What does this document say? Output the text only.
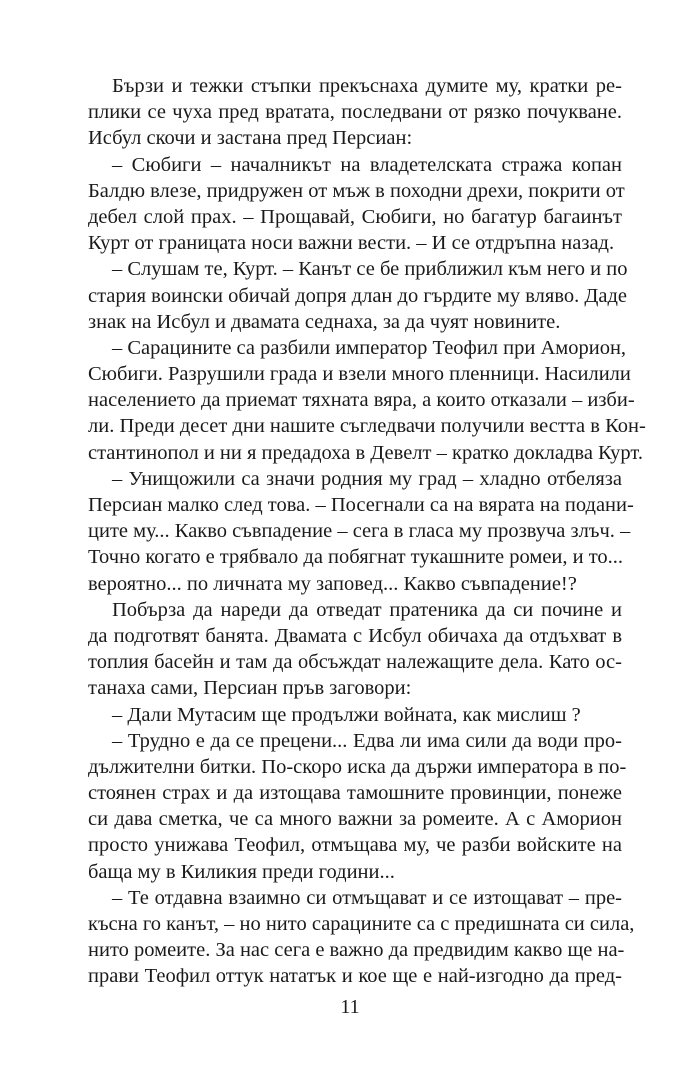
Бързи и тежки стъпки прекъснаха думите му, кратки ре-
плики се чуха пред вратата, последвани от рязко почукване.
Исбул скочи и застана пред Персиан:
– Сюбиги – началникът на владетелската стража копан
Балдю влезе, придружен от мъж в походни дрехи, покрити от
дебел слой прах. – Прощавай, Сюбиги, но багатур багаинът
Курт от границата носи важни вести. – И се отдръпна назад.
– Слушам те, Курт. – Канът се бе приближил към него и по
стария воински обичай допря длан до гърдите му вляво. Даде
знак на Исбул и двамата седнаха, за да чуят новините.
– Сарацините са разбили император Теофил при Аморион,
Сюбиги. Разрушили града и взели много пленници. Насилили
населението да приемат тяхната вяра, а които отказали – изби-
ли. Преди десет дни нашите съгледвачи получили вестта в Кон-
стантинопол и ни я предадоха в Девелт – кратко докладва Курт.
– Унищожили са значи родния му град – хладно отбеляза
Персиан малко след това. – Посегнали са на вярата на подани-
ците му... Какво съвпадение – сега в гласа му прозвуча злъч. –
Точно когато е трябвало да побягнат тукашните ромеи, и то...
вероятно... по личната му заповед... Какво съвпадение!?
Побърза да нареди да отведат пратеника да си почине и
да подготвят банята. Двамата с Исбул обичаха да отдъхват в
топлия басейн и там да обсъждат належащите дела. Като ос-
танаха сами, Персиан пръв заговори:
– Дали Мутасим ще продължи войната, как мислиш ?
– Трудно е да се прецени... Едва ли има сили да води про-
дължителни битки. По-скоро иска да държи императора в по-
стоянен страх и да изтощава тамошните провинции, понеже
си дава сметка, че са много важни за ромеите. А с Аморион
просто унижава Теофил, отмъщава му, че разби войските на
баща му в Киликия преди години...
– Те отдавна взаимно си отмъщават и се изтощават – пре-
късна го канът, – но нито сарацините са с предишната си сила,
нито ромеите. За нас сега е важно да предвидим какво ще на-
прави Теофил оттук нататък и кое ще е най-изгодно да пред-
11
